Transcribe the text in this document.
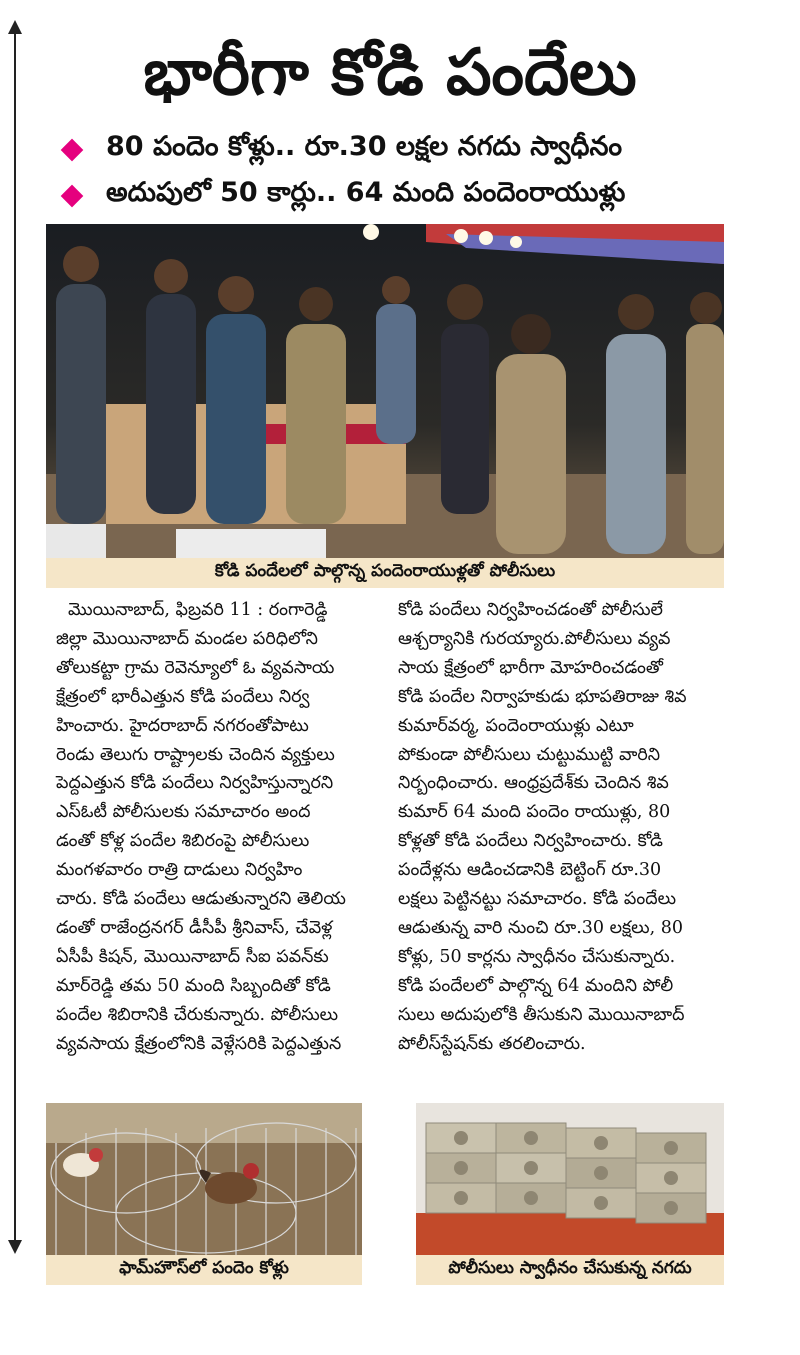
భారీగా కోడి పందేలు
80 పందెం కోళ్లు.. రూ.30 లక్షల నగదు స్వాధీనం
అదుపులో 50 కార్లు.. 64 మంది పందెంరాయుళ్లు
కోడి పందేలలో పాల్గొన్న పందెంరాయుళ్లతో పోలీసులు

మొయినాబాద్, ఫిబ్రవరి 11 : రంగారెడ్డి

జిల్లా మొయినాబాద్ మండల పరిధిలోని

తోలుకట్టా గ్రామ రెవెన్యూలో ఓ వ్యవసాయ

క్షేత్రంలో భారీఎత్తున కోడి పందేలు నిర్వ

హించారు. హైదరాబాద్ నగరంతోపాటు

రెండు తెలుగు రాష్ట్రాలకు చెందిన వ్యక్తులు

పెద్దఎత్తున కోడి పందేలు నిర్వహిస్తున్నారని

ఎస్ఓటీ పోలీసులకు సమాచారం అంద

డంతో కోళ్ల పందేల శిబిరంపై పోలీసులు

మంగళవారం రాత్రి దాడులు నిర్వహిం

చారు. కోడి పందేలు ఆడుతున్నారని తెలియ

డంతో రాజేంద్రనగర్ డీసీపీ శ్రీనివాస్, చేవెళ్ల

ఏసీపీ కిషన్, మొయినాబాద్ సీఐ పవన్‌కు

మార్‌రెడ్డి తమ 50 మంది సిబ్బందితో కోడి

పందేల శిబిరానికి చేరుకున్నారు. పోలీసులు

వ్యవసాయ క్షేత్రంలోనికి వెళ్లేసరికి పెద్దఎత్తున

కోడి పందేలు నిర్వహించడంతో పోలీసులే

ఆశ్చర్యానికి గురయ్యారు.పోలీసులు వ్యవ

సాయ క్షేత్రంలో భారీగా మోహరించడంతో

కోడి పందేల నిర్వాహకుడు భూపతిరాజు శివ

కుమార్‌వర్మ, పందెంరాయుళ్లు ఎటూ

పోకుండా పోలీసులు చుట్టుముట్టి వారిని

నిర్బంధించారు. ఆంధ్రప్రదేశ్‌కు చెందిన శివ

కుమార్ 64 మంది పందెం రాయుళ్లు, 80

కోళ్లతో కోడి పందేలు నిర్వహించారు. కోడి

పందేళ్లను ఆడించడానికి బెట్టింగ్ రూ.30

లక్షలు పెట్టినట్టు సమాచారం. కోడి పందేలు

ఆడుతున్న వారి నుంచి రూ.30 లక్షలు, 80

కోళ్లు, 50 కార్లను స్వాధీనం చేసుకున్నారు.

కోడి పందేలలో పాల్గొన్న 64 మందిని పోలీ

సులు అదుపులోకి తీసుకుని మొయినాబాద్

పోలీస్‌స్టేషన్‌కు తరలించారు.

ఫామ్‌హౌస్‌లో పందెం కోళ్లు	పోలీసులు స్వాధీనం చేసుకున్న నగదు
